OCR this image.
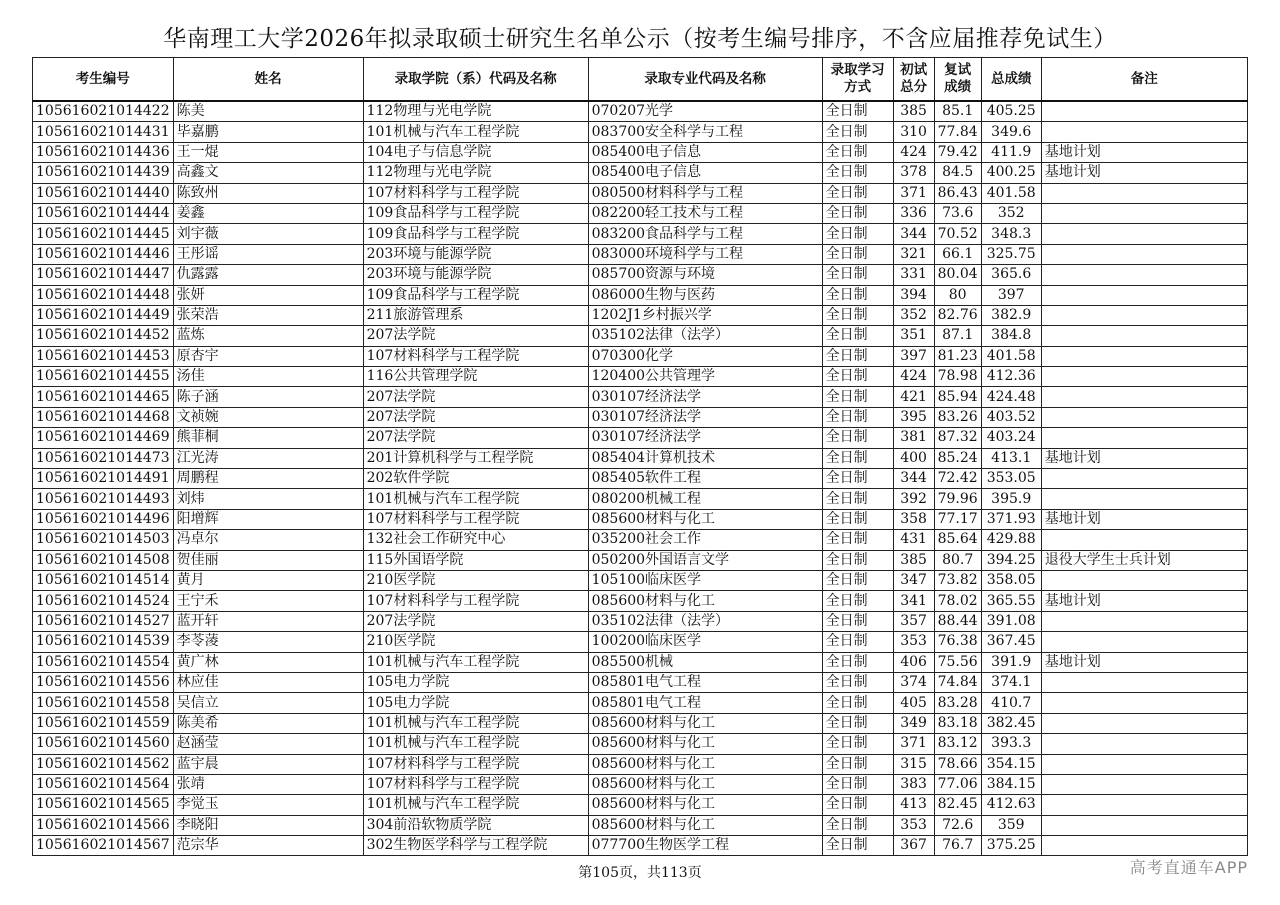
华南理工大学2026年拟录取硕士研究生名单公示（按考生编号排序，不含应届推荐免试生）
考生编号	姓名	录取学院（系）代码及名称	录取专业代码及名称	录取学习方式	初试总分	复试成绩	总成绩	备注
105616021014422	陈美	112物理与光电学院	070207光学	全日制	385	85.1	405.25	
105616021014431	毕嘉鹏	101机械与汽车工程学院	083700安全科学与工程	全日制	310	77.84	349.6	
105616021014436	王一焜	104电子与信息学院	085400电子信息	全日制	424	79.42	411.9	基地计划
105616021014439	高鑫文	112物理与光电学院	085400电子信息	全日制	378	84.5	400.25	基地计划
105616021014440	陈致州	107材料科学与工程学院	080500材料科学与工程	全日制	371	86.43	401.58	
105616021014444	姜鑫	109食品科学与工程学院	082200轻工技术与工程	全日制	336	73.6	352	
105616021014445	刘宇薇	109食品科学与工程学院	083200食品科学与工程	全日制	344	70.52	348.3	
105616021014446	王彤谣	203环境与能源学院	083000环境科学与工程	全日制	321	66.1	325.75	
105616021014447	仇露露	203环境与能源学院	085700资源与环境	全日制	331	80.04	365.6	
105616021014448	张妍	109食品科学与工程学院	086000生物与医药	全日制	394	80	397	
105616021014449	张荣浩	211旅游管理系	1202J1乡村振兴学	全日制	352	82.76	382.9	
105616021014452	蓝炼	207法学院	035102法律（法学）	全日制	351	87.1	384.8	
105616021014453	原杏宇	107材料科学与工程学院	070300化学	全日制	397	81.23	401.58	
105616021014455	汤佳	116公共管理学院	120400公共管理学	全日制	424	78.98	412.36	
105616021014465	陈子涵	207法学院	030107经济法学	全日制	421	85.94	424.48	
105616021014468	文祯婉	207法学院	030107经济法学	全日制	395	83.26	403.52	
105616021014469	熊菲桐	207法学院	030107经济法学	全日制	381	87.32	403.24	
105616021014473	江光涛	201计算机科学与工程学院	085404计算机技术	全日制	400	85.24	413.1	基地计划
105616021014491	周鹏程	202软件学院	085405软件工程	全日制	344	72.42	353.05	
105616021014493	刘炜	101机械与汽车工程学院	080200机械工程	全日制	392	79.96	395.9	
105616021014496	阳增辉	107材料科学与工程学院	085600材料与化工	全日制	358	77.17	371.93	基地计划
105616021014503	冯卓尔	132社会工作研究中心	035200社会工作	全日制	431	85.64	429.88	
105616021014508	贺佳丽	115外国语学院	050200外国语言文学	全日制	385	80.7	394.25	退役大学生士兵计划
105616021014514	黄月	210医学院	105100临床医学	全日制	347	73.82	358.05	
105616021014524	王宁禾	107材料科学与工程学院	085600材料与化工	全日制	341	78.02	365.55	基地计划
105616021014527	蓝开轩	207法学院	035102法律（法学）	全日制	357	88.44	391.08	
105616021014539	李苓蓤	210医学院	100200临床医学	全日制	353	76.38	367.45	
105616021014554	黄广林	101机械与汽车工程学院	085500机械	全日制	406	75.56	391.9	基地计划
105616021014556	林应佳	105电力学院	085801电气工程	全日制	374	74.84	374.1	
105616021014558	吴信立	105电力学院	085801电气工程	全日制	405	83.28	410.7	
105616021014559	陈美希	101机械与汽车工程学院	085600材料与化工	全日制	349	83.18	382.45	
105616021014560	赵涵莹	101机械与汽车工程学院	085600材料与化工	全日制	371	83.12	393.3	
105616021014562	蓝宇晨	107材料科学与工程学院	085600材料与化工	全日制	315	78.66	354.15	
105616021014564	张靖	107材料科学与工程学院	085600材料与化工	全日制	383	77.06	384.15	
105616021014565	李觉玉	101机械与汽车工程学院	085600材料与化工	全日制	413	82.45	412.63	
105616021014566	李晓阳	304前沿软物质学院	085600材料与化工	全日制	353	72.6	359	
105616021014567	范宗华	302生物医学科学与工程学院	077700生物医学工程	全日制	367	76.7	375.25	
第105页，共113页	高考直通车APP
